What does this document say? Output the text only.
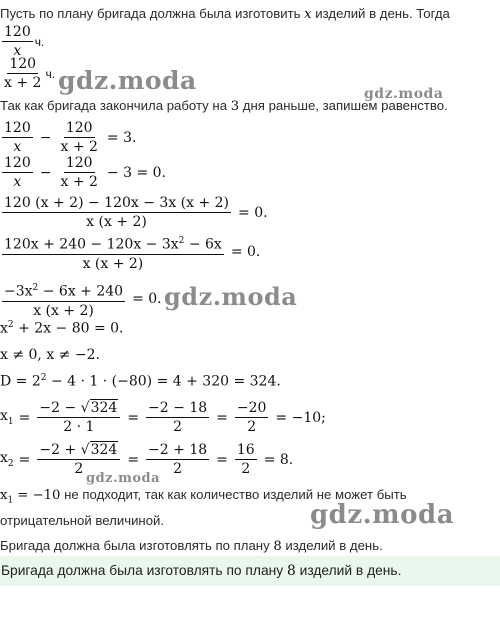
Пусть по плану бригада должна была изготовить x изделий в день. Тогда
$\frac{120}{x} ч$.
$\frac{120}{x + 2} ч$. gdz.moda	gdz.moda
Так как бригада закончила работу на 3 дня раньше, запишем равенство.
$\frac{120}{x} - \frac{120}{x + 2} = 3$.
$\frac{120}{x} - \frac{120}{x + 2} - 3 = 0$.
$\frac{120 (x + 2) - 120x - 3x (x + 2)}{x (x + 2)} = 0$.
$\frac{120x + 240 - 120x - 3x^2 - 6x}{x (x + 2)} = 0$.
$\frac{-3x^2 - 6x + 240}{x (x + 2)} = 0$. gdz.moda
$x^2 + 2x - 80 = 0$.
x ≠ 0, x ≠ −2.
$D = 2^2 - 4 \cdot 1 \cdot (-80) = 4 + 320 = 324$.
$x_1 = \frac{-2 - √324}{2 \cdot 1} = \frac{-2 - 18}{2} = \frac{-20}{2} = -10$;
$x_2 = \frac{-2 + √324}{2} = \frac{-2 + 18}{2} = \frac{16}{2} = 8$.
gdz.moda
$x_1 = -10$ не подходит, так как количество изделий не может быть
отрицательной величиной.	gdz.moda
Бригада должна была изготовлять по плану 8 изделий в день.
Бригада должна была изготовлять по плану 8 изделий в день.
